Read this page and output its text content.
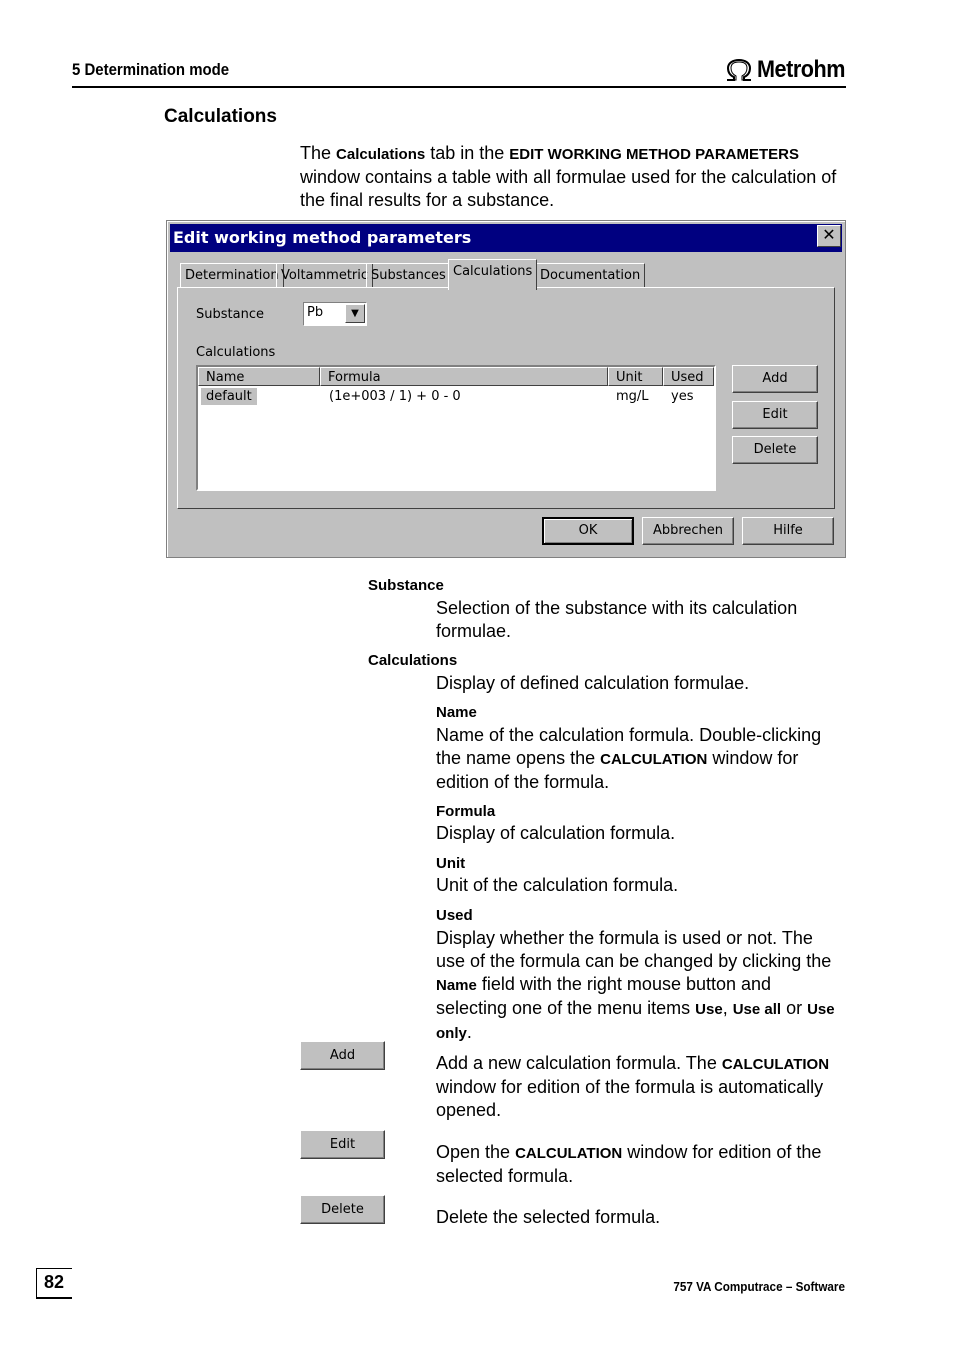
5 Determination mode	Metrohm
Calculations
The Calculations tab in the EDIT WORKING METHOD PARAMETERS window contains a table with all formulae used for the calculation of the final results for a substance.
Edit working method parameters	✕
Determination Voltammetric Substances Calculations Documentation
Substance	Pb	▼
Calculations
Name	Formula	Unit	Used
default	(1e+003 / 1) + 0 - 0	mg/L yes
Add
Edit
Delete
OK	Abbrechen	Hilfe
Substance
Selection of the substance with its calculation formulae.
Calculations
Display of defined calculation formulae.
Name
Name of the calculation formula. Double-clicking the name opens the CALCULATION window for edition of the formula.
Formula
Display of calculation formula.
Unit
Unit of the calculation formula.
Used
Display whether the formula is used or not. The use of the formula can be changed by clicking the Name field with the right mouse button and selecting one of the menu items Use, Use all or Use only.
Add	Add a new calculation formula. The CALCULATION window for edition of the formula is automatically opened.
Edit	Open the CALCULATION window for edition of the selected formula.
Delete	Delete the selected formula.
82	757 VA Computrace – Software
